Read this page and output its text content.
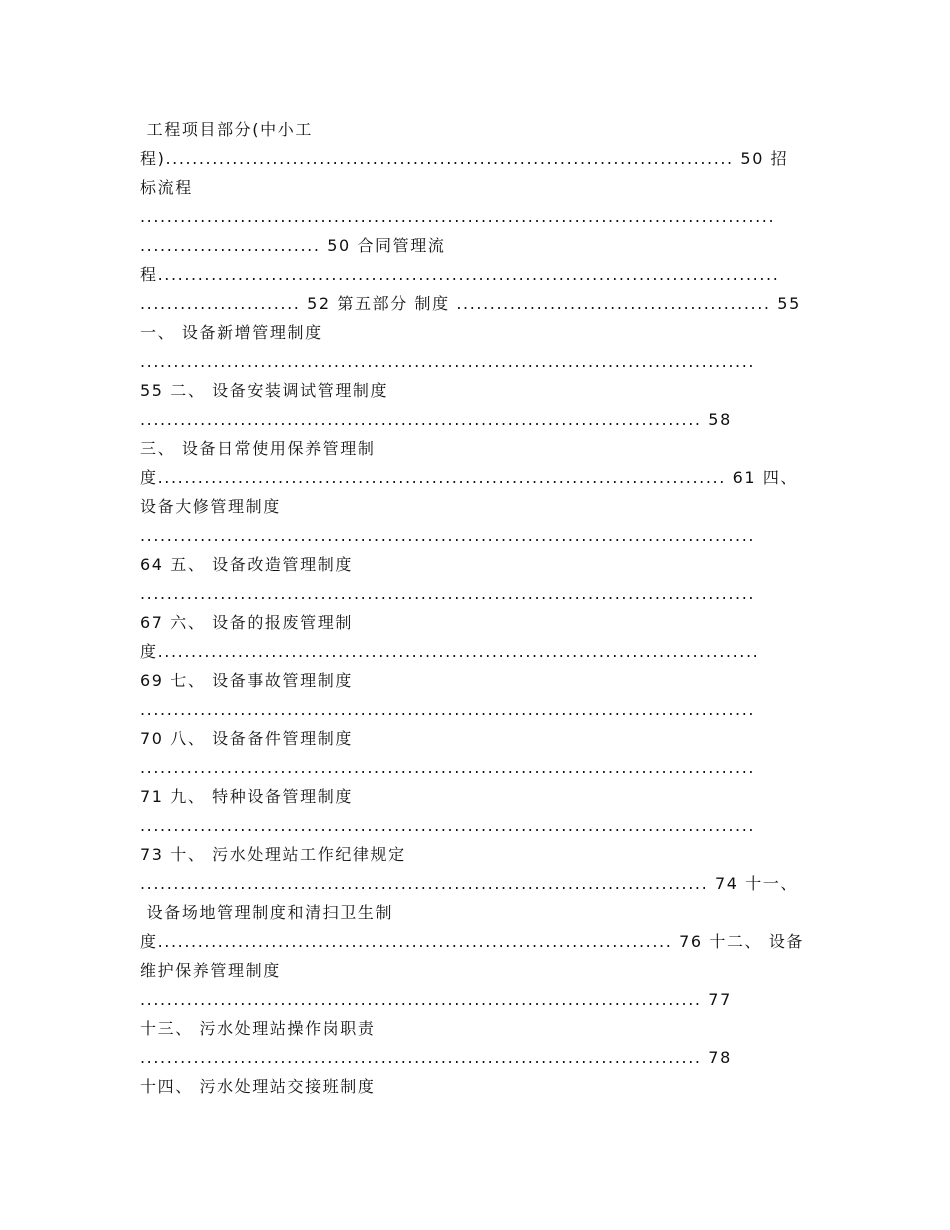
工程项目部分(中小工
程)..................................................................................... 50 招
标流程
...............................................................................................
........................... 50 合同管理流
程.............................................................................................
........................ 52 第五部分 制度 ............................................... 55
一、 设备新增管理制度
............................................................................................
55 二、 设备安装调试管理制度
.................................................................................... 58
三、 设备日常使用保养管理制
度..................................................................................... 61 四、
设备大修管理制度
............................................................................................
64 五、 设备改造管理制度
............................................................................................
67 六、 设备的报废管理制
度..........................................................................................
69 七、 设备事故管理制度
............................................................................................
70 八、 设备备件管理制度
............................................................................................
71 九、 特种设备管理制度
............................................................................................
73 十、 污水处理站工作纪律规定
..................................................................................... 74 十一、
设备场地管理制度和清扫卫生制
度............................................................................. 76 十二、 设备
维护保养管理制度
.................................................................................... 77
十三、 污水处理站操作岗职责
.................................................................................... 78
十四、 污水处理站交接班制度
